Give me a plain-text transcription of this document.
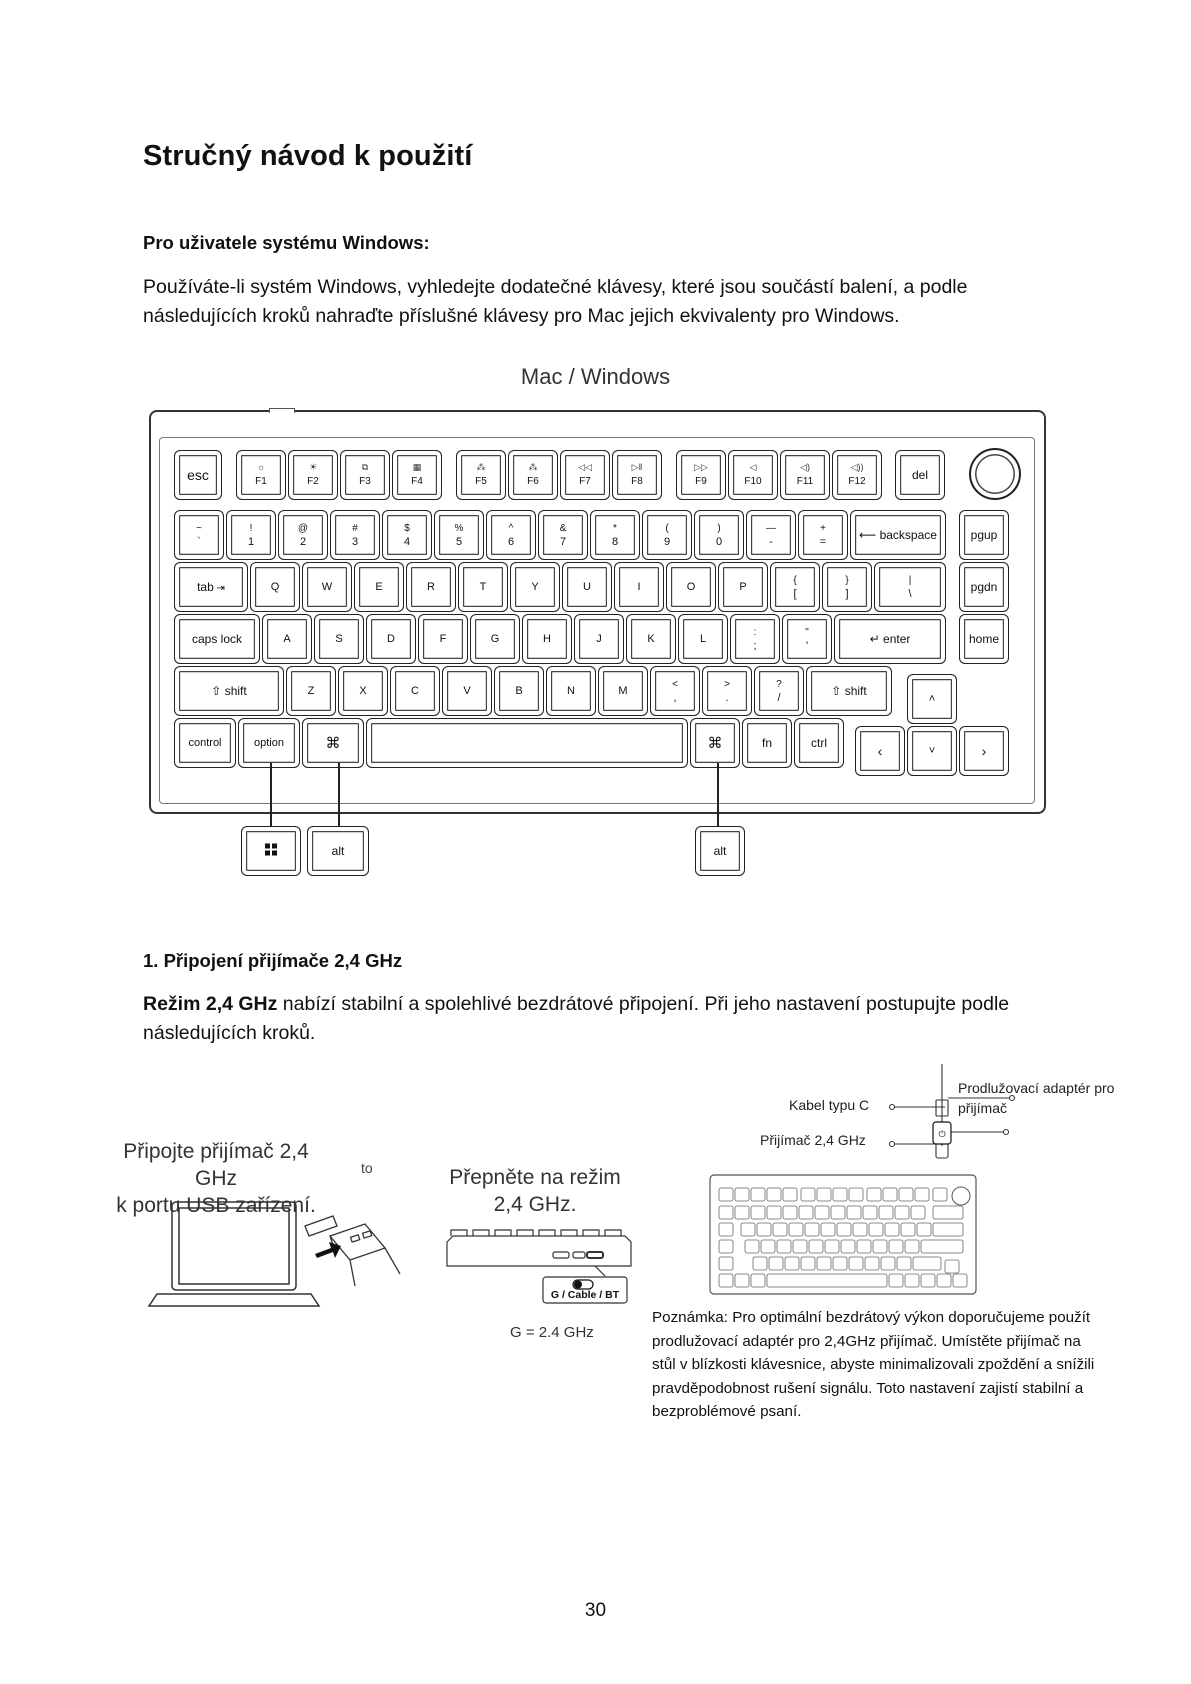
Stručný návod k použití
Pro uživatele systému Windows:
Používáte-li systém Windows, vyhledejte dodatečné klávesy, které jsou součástí balení, a podle následujících kroků nahraďte příslušné klávesy pro Mac jejich ekvivalenty pro Windows.
Mac / Windows
esc	☼
F1
☀
F2
⧉
F3
▦
F4
⁂
F5
⁂
F6
◁◁
F7
▷‖
F8
▷▷
F9
◁
F10
◁)
F11
◁))
F12	del
~
`
!
1
@
2
#
3
$
4
%
5
^
6
&
7
*
8
(
9
)
0
—
-
+
=	⟵ backspace	pgup
tab ⇥	Q	W	E	R	T	Y	U	I	O	P
{
[
}
]
|
\	pgdn
caps lock	A	S	D	F	G	H	J	K	L
:
;
"
'	↵ enter	home
⇧ shift	Z	X	C	V	B	N	M
<
,
>
.
?
/	⇧ shift
˄
control	option	⌘	⌘	fn	ctrl	‹	˅	›
alt	alt
1. Připojení přijímače 2,4 GHz
Režim 2,4 GHz nabízí stabilní a spolehlivé bezdrátové připojení. Při jeho nastavení postupujte podle následujících kroků.
Připojte přijímač 2,4 GHz
k portu USB zařízení.
to	Přepněte na režim
2,4 GHz.
G / Cable / BT
G = 2.4 GHz
Kabel typu C
Přijímač 2,4 GHz
Prodlužovací adaptér pro
přijímač
⏻
Poznámka: Pro optimální bezdrátový výkon doporučujeme použít prodlužovací adaptér pro 2,4GHz přijímač. Umístěte přijímač na stůl v blízkosti klávesnice, abyste minimalizovali zpoždění a snížili pravděpodobnost rušení signálu. Toto nastavení zajistí stabilní a bezproblémové psaní.
30
